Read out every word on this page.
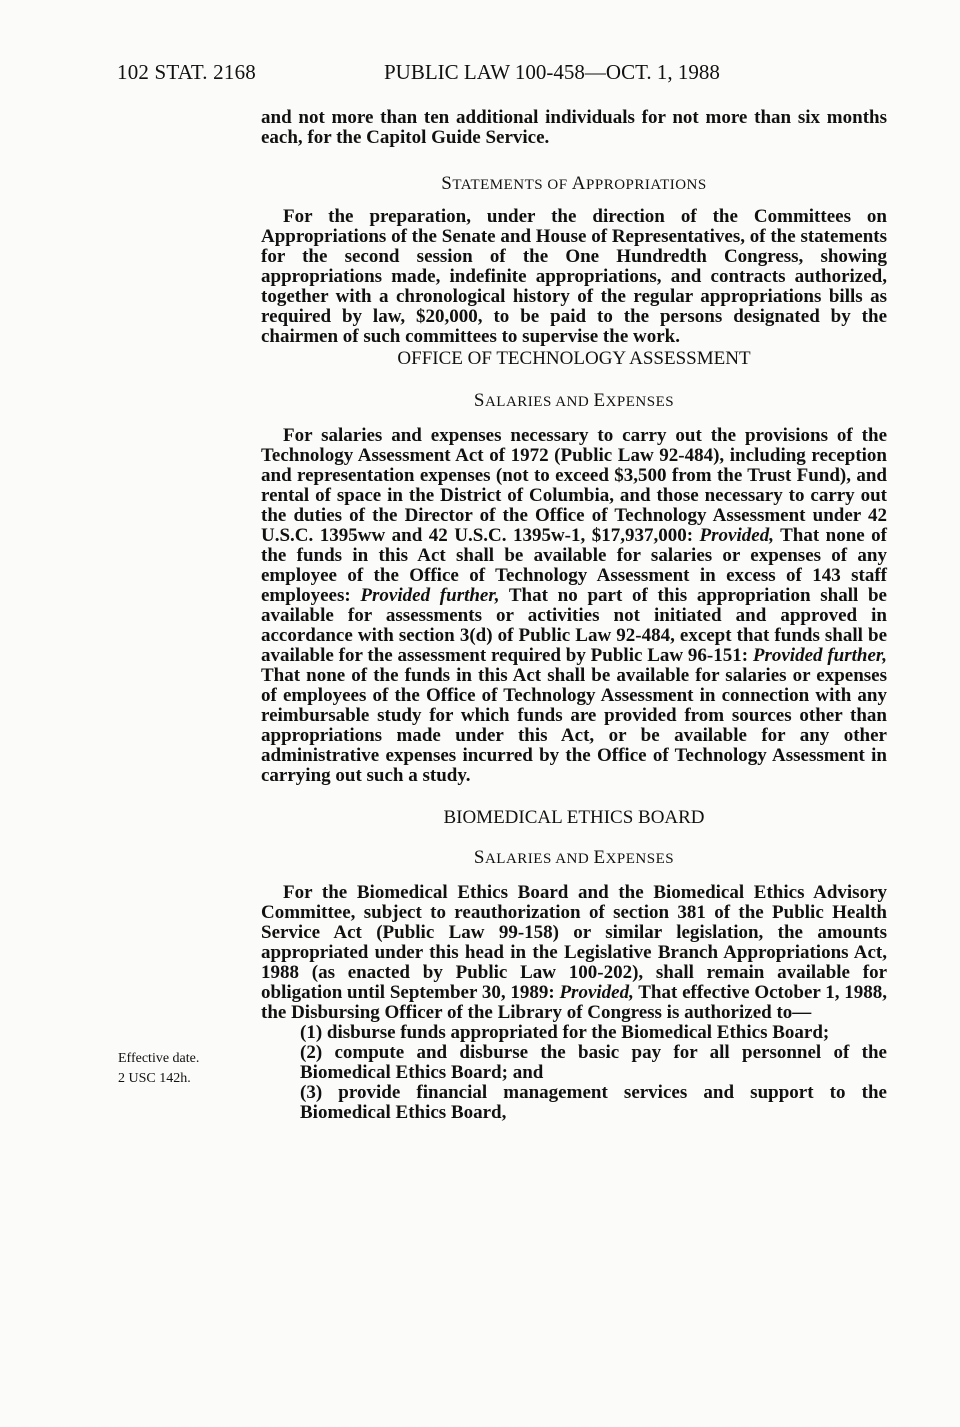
102 STAT. 2168	PUBLIC LAW 100-458—OCT. 1, 1988
Effective date.
2 USC 142h.

and not more than ten additional individuals for not more than six months each, for the Capitol Guide Service.

STATEMENTS OF APPROPRIATIONS

For the preparation, under the direction of the Committees on Appropriations of the Senate and House of Representatives, of the statements for the second session of the One Hundredth Congress, showing appropriations made, indefinite appropriations, and contracts authorized, together with a chronological history of the regular appropriations bills as required by law, $20,000, to be paid to the persons designated by the chairmen of such committees to supervise the work.

OFFICE OF TECHNOLOGY ASSESSMENT
SALARIES AND EXPENSES

For salaries and expenses necessary to carry out the provisions of the Technology Assessment Act of 1972 (Public Law 92-484), including reception and representation expenses (not to exceed $3,500 from the Trust Fund), and rental of space in the District of Columbia, and those necessary to carry out the duties of the Director of the Office of Technology Assessment under 42 U.S.C. 1395ww and 42 U.S.C. 1395w-1, $17,937,000: Provided, That none of the funds in this Act shall be available for salaries or expenses of any employee of the Office of Technology Assessment in excess of 143 staff employees: Provided further, That no part of this appropriation shall be available for assessments or activities not initiated and approved in accordance with section 3(d) of Public Law 92-484, except that funds shall be available for the assessment required by Public Law 96-151: Provided further, That none of the funds in this Act shall be available for salaries or expenses of employees of the Office of Technology Assessment in connection with any reimbursable study for which funds are provided from sources other than appropriations made under this Act, or be available for any other administrative expenses incurred by the Office of Technology Assessment in carrying out such a study.

BIOMEDICAL ETHICS BOARD
SALARIES AND EXPENSES

For the Biomedical Ethics Board and the Biomedical Ethics Advisory Committee, subject to reauthorization of section 381 of the Public Health Service Act (Public Law 99-158) or similar legislation, the amounts appropriated under this head in the Legislative Branch Appropriations Act, 1988 (as enacted by Public Law 100-202), shall remain available for obligation until September 30, 1989: Provided, That effective October 1, 1988, the Disbursing Officer of the Library of Congress is authorized to—

(1) disburse funds appropriated for the Biomedical Ethics Board;

(2) compute and disburse the basic pay for all personnel of the Biomedical Ethics Board; and

(3) provide financial management services and support to the Biomedical Ethics Board,
